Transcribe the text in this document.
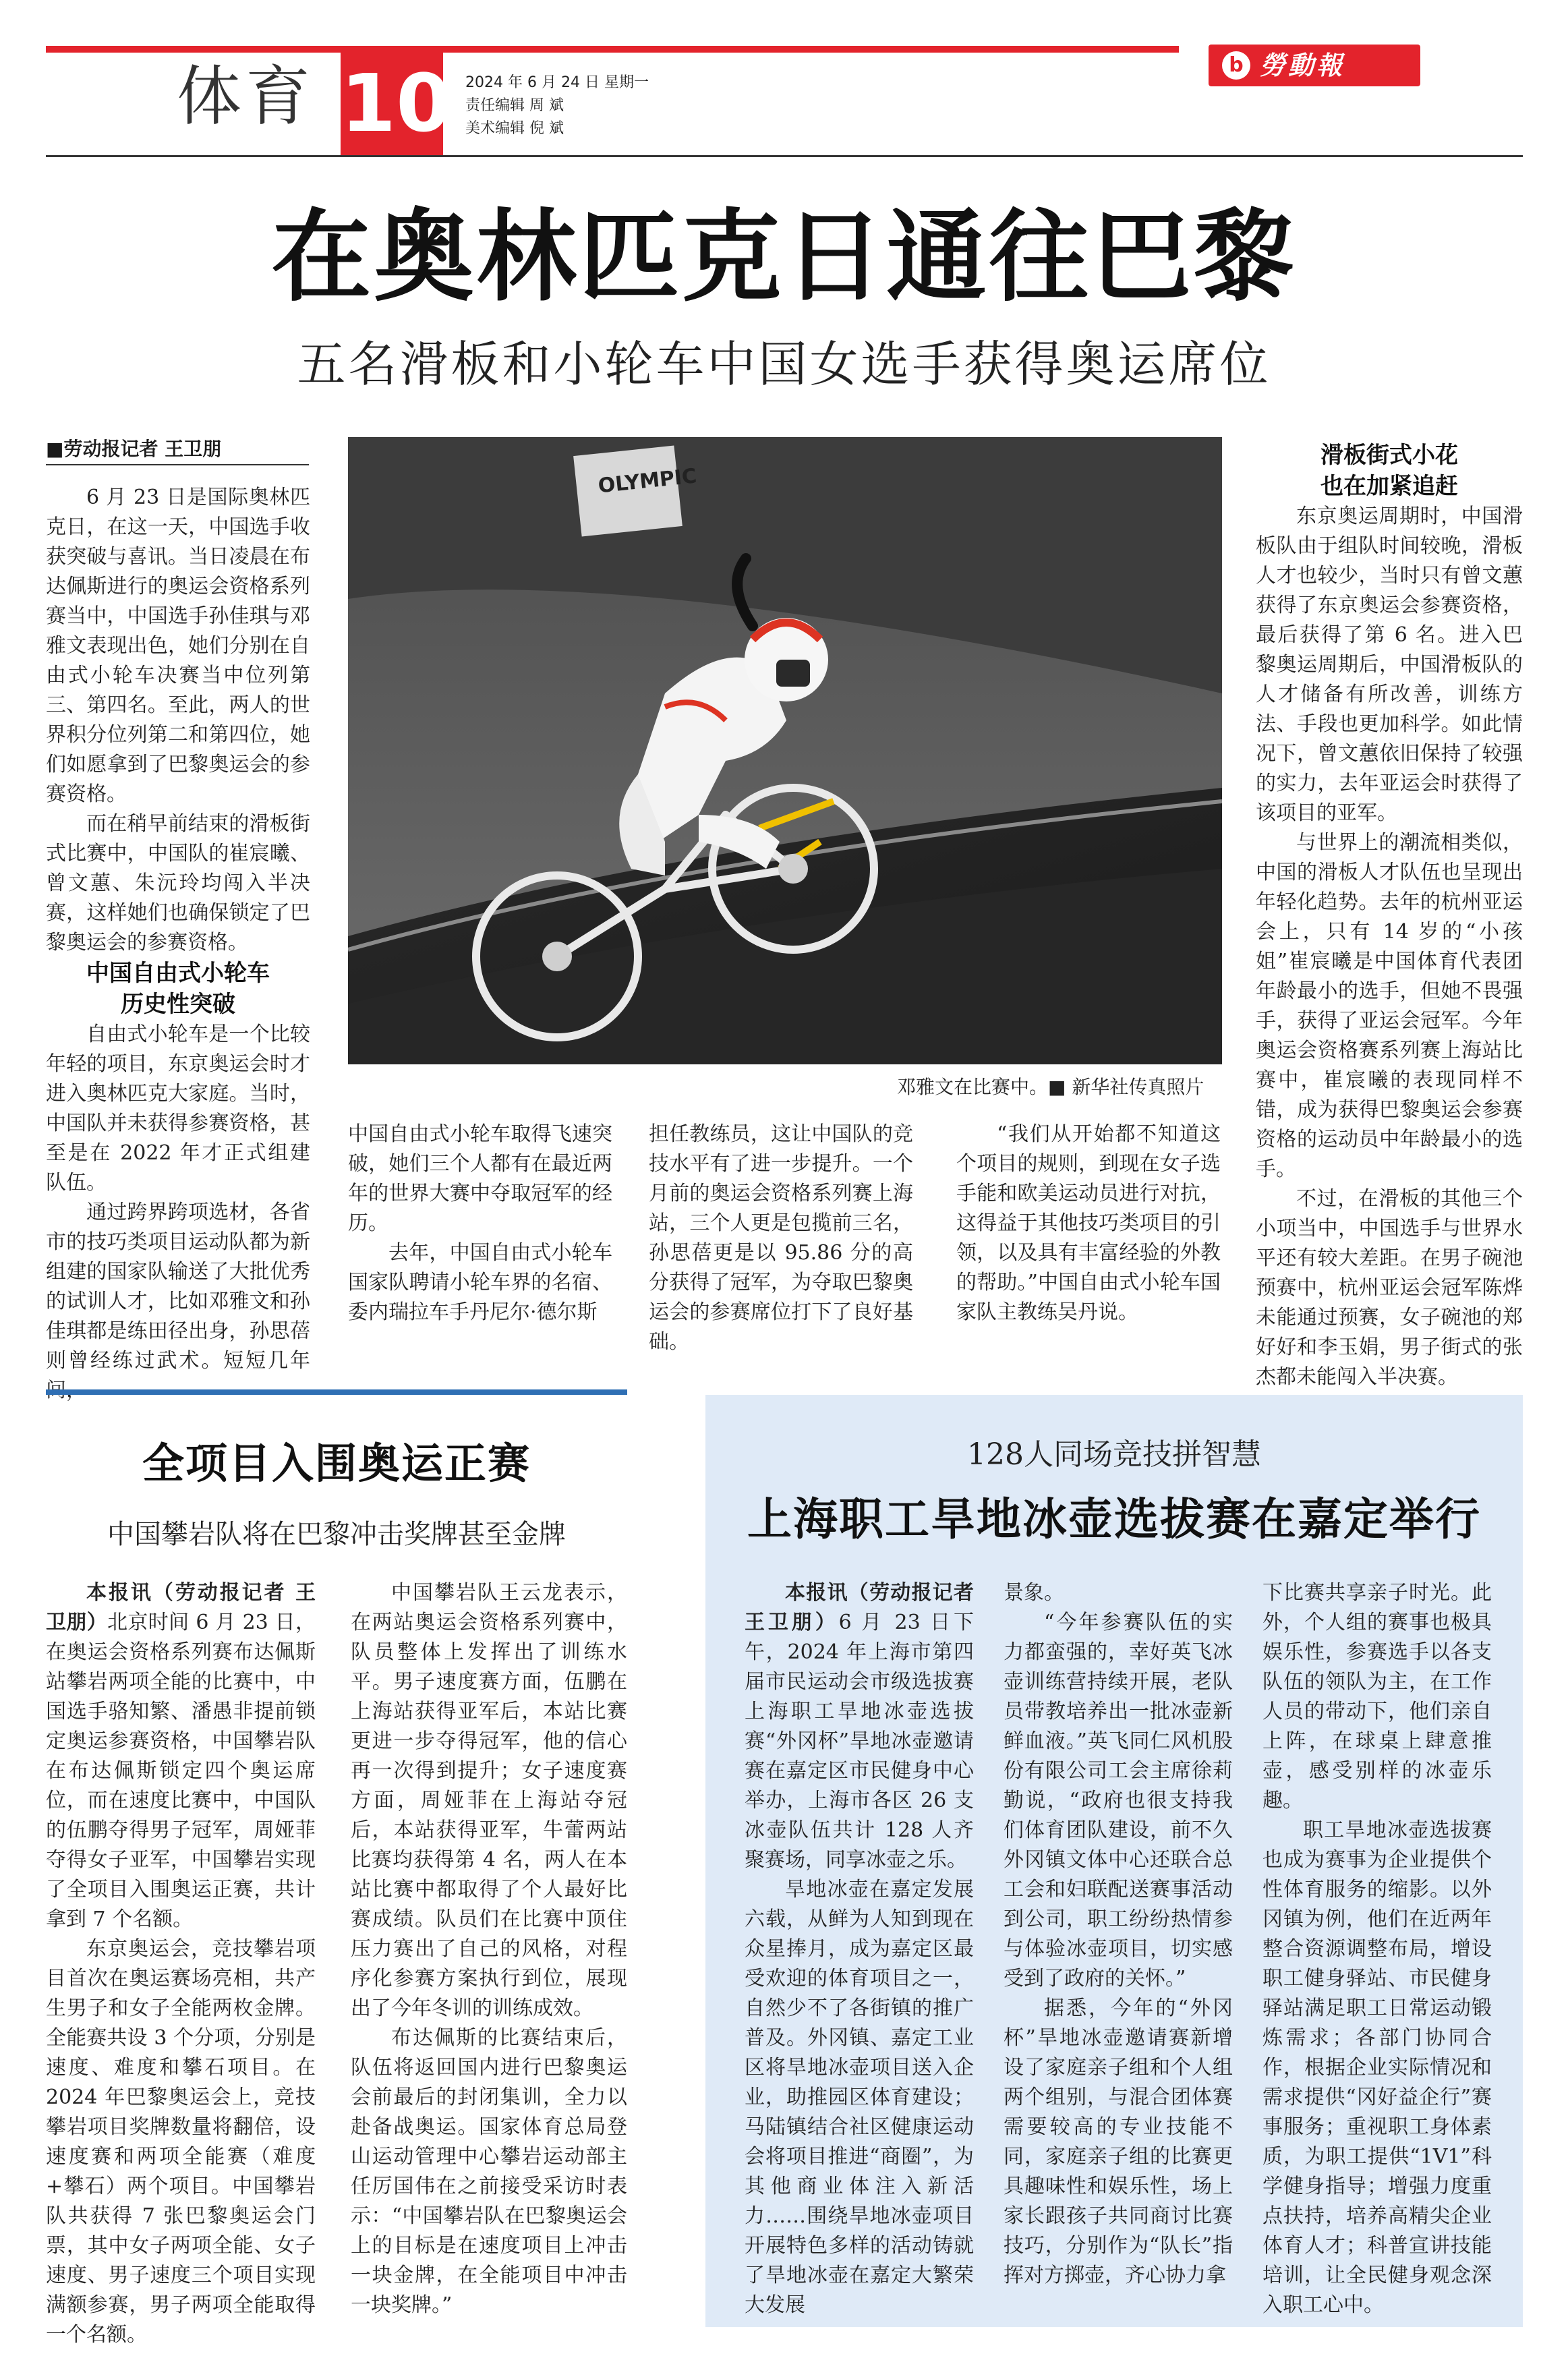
b 勞動報
体育 10 2024 年 6 月 24 日 星期一
责任编辑 周 斌
美术编辑 倪 斌
在奥林匹克日通往巴黎
五名滑板和小轮车中国女选手获得奥运席位
■劳动报记者 王卫朋

6 月 23 日是国际奥林匹克日，在这一天，中国选手收获突破与喜讯。当日凌晨在布达佩斯进行的奥运会资格系列赛当中，中国选手孙佳琪与邓雅文表现出色，她们分别在自由式小轮车决赛当中位列第三、第四名。至此，两人的世界积分位列第二和第四位，她们如愿拿到了巴黎奥运会的参赛资格。

而在稍早前结束的滑板街式比赛中，中国队的崔宸曦、曾文蕙、朱沅玲均闯入半决赛，这样她们也确保锁定了巴黎奥运会的参赛资格。

中国自由式小轮车
历史性突破

自由式小轮车是一个比较年轻的项目，东京奥运会时才进入奥林匹克大家庭。当时，中国队并未获得参赛资格，甚至是在 2022 年才正式组建队伍。

通过跨界跨项选材，各省市的技巧类项目运动队都为新组建的国家队输送了大批优秀的试训人才，比如邓雅文和孙佳琪都是练田径出身，孙思蓓则曾经练过武术。短短几年

OLYMPIC
邓雅文在比赛中。■ 新华社传真照片

中国自由式小轮车取得飞速突破，她们三个人都有在最近两年的世界大赛中夺取冠军的经历。

去年，中国自由式小轮车国家队聘请小轮车界的名宿、委内瑞拉车手丹尼尔·德尔斯

担任教练员，这让中国队的竞技水平有了进一步提升。一个月前的奥运会资格系列赛上海站，三个人更是包揽前三名，孙思蓓更是以 95.86 分的高分获得了冠军，为夺取巴黎奥运会的参赛席位打下了良好基础。

“我们从开始都不知道这个项目的规则，到现在女子选手能和欧美运动员进行对抗，这得益于其他技巧类项目的引领，以及具有丰富经验的外教的帮助。”中国自由式小轮车国家队主教练吴丹说。

滑板街式小花
也在加紧追赶

东京奥运周期时，中国滑板队由于组队时间较晚，滑板人才也较少，当时只有曾文蕙获得了东京奥运会参赛资格，最后获得了第 6 名。进入巴黎奥运周期后，中国滑板队的人才储备有所改善，训练方法、手段也更加科学。如此情况下，曾文蕙依旧保持了较强的实力，去年亚运会时获得了该项目的亚军。

与世界上的潮流相类似，中国的滑板人才队伍也呈现出年轻化趋势。去年的杭州亚运会上，只有 14 岁的“小孩姐”崔宸曦是中国体育代表团年龄最小的选手，但她不畏强手，获得了亚运会冠军。今年奥运会资格赛系列赛上海站比赛中，崔宸曦的表现同样不错，成为获得巴黎奥运会参赛资格的运动员中年龄最小的选手。

不过，在滑板的其他三个小项当中，中国选手与世界水平还有较大差距。在男子碗池预赛中，杭州亚运会冠军陈烨未能通过预赛，女子碗池的郑好好和李玉娟，男子街式的张杰都未能闯入半决赛。

全项目入围奥运正赛
中国攀岩队将在巴黎冲击奖牌甚至金牌

本报讯（劳动报记者 王卫朋）北京时间 6 月 23 日，在奥运会资格系列赛布达佩斯站攀岩两项全能的比赛中，中国选手骆知繁、潘愚非提前锁定奥运参赛资格，中国攀岩队在布达佩斯锁定四个奥运席位，而在速度比赛中，中国队的伍鹏夺得男子冠军，周娅菲夺得女子亚军，中国攀岩实现了全项目入围奥运正赛，共计拿到 7 个名额。

东京奥运会，竞技攀岩项目首次在奥运赛场亮相，共产生男子和女子全能两枚金牌。全能赛共设 3 个分项，分别是速度、难度和攀石项目。在 2024 年巴黎奥运会上，竞技攀岩项目奖牌数量将翻倍，设速度赛和两项全能赛（难度+攀石）两个项目。中国攀岩队共获得 7 张巴黎奥运会门票，其中女子两项全能、女子速度、男子速度三个项目实现满额参赛，男子两项全能取得一个名额。

中国攀岩队王云龙表示，在两站奥运会资格系列赛中，队员整体上发挥出了训练水平。男子速度赛方面，伍鹏在上海站获得亚军后，本站比赛更进一步夺得冠军，他的信心再一次得到提升；女子速度赛方面，周娅菲在上海站夺冠后，本站获得亚军，牛蕾两站比赛均获得第 4 名，两人在本站比赛中都取得了个人最好比赛成绩。队员们在比赛中顶住压力赛出了自己的风格，对程序化参赛方案执行到位，展现出了今年冬训的训练成效。

布达佩斯的比赛结束后，队伍将返回国内进行巴黎奥运会前最后的封闭集训，全力以赴备战奥运。国家体育总局登山运动管理中心攀岩运动部主任厉国伟在之前接受采访时表示：“中国攀岩队在巴黎奥运会上的目标是在速度项目上冲击一块金牌，在全能项目中冲击一块奖牌。”

128人同场竞技拼智慧
上海职工旱地冰壶选拔赛在嘉定举行

本报讯（劳动报记者 王卫朋）6 月 23 日下午，2024 年上海市第四届市民运动会市级选拔赛上海职工旱地冰壶选拔赛“外冈杯”旱地冰壶邀请赛在嘉定区市民健身中心举办，上海市各区 26 支冰壶队伍共计 128 人齐聚赛场，同享冰壶之乐。

旱地冰壶在嘉定发展六载，从鲜为人知到现在众星捧月，成为嘉定区最受欢迎的体育项目之一，自然少不了各街镇的推广普及。外冈镇、嘉定工业区将旱地冰壶项目送入企业，助推园区体育建设；马陆镇结合社区健康运动会将项目推进“商圈”，为其他商业体注入新活力……围绕旱地冰壶项目开展特色多样的活动铸就了旱地冰壶在嘉定大繁荣大发展

景象。

“今年参赛队伍的实力都蛮强的，幸好英飞冰壶训练营持续开展，老队员带教培养出一批冰壶新鲜血液。”英飞同仁风机股份有限公司工会主席徐莉勤说，“政府也很支持我们体育团队建设，前不久外冈镇文体中心还联合总工会和妇联配送赛事活动到公司，职工纷纷热情参与体验冰壶项目，切实感受到了政府的关怀。”

据悉，今年的“外冈杯”旱地冰壶邀请赛新增设了家庭亲子组和个人组两个组别，与混合团体赛需要较高的专业技能不同，家庭亲子组的比赛更具趣味性和娱乐性，场上家长跟孩子共同商讨比赛技巧，分别作为“队长”指挥对方掷壶，齐心协力拿

下比赛共享亲子时光。此外，个人组的赛事也极具娱乐性，参赛选手以各支队伍的领队为主，在工作人员的带动下，他们亲自上阵，在球桌上肆意推壶，感受别样的冰壶乐趣。

职工旱地冰壶选拔赛也成为赛事为企业提供个性体育服务的缩影。以外冈镇为例，他们在近两年整合资源调整布局，增设职工健身驿站、市民健身驿站满足职工日常运动锻炼需求；各部门协同合作，根据企业实际情况和需求提供“冈好益企行”赛事服务；重视职工身体素质，为职工提供“1V1”科学健身指导；增强力度重点扶持，培养高精尖企业体育人才；科普宣讲技能培训，让全民健身观念深入职工心中。
